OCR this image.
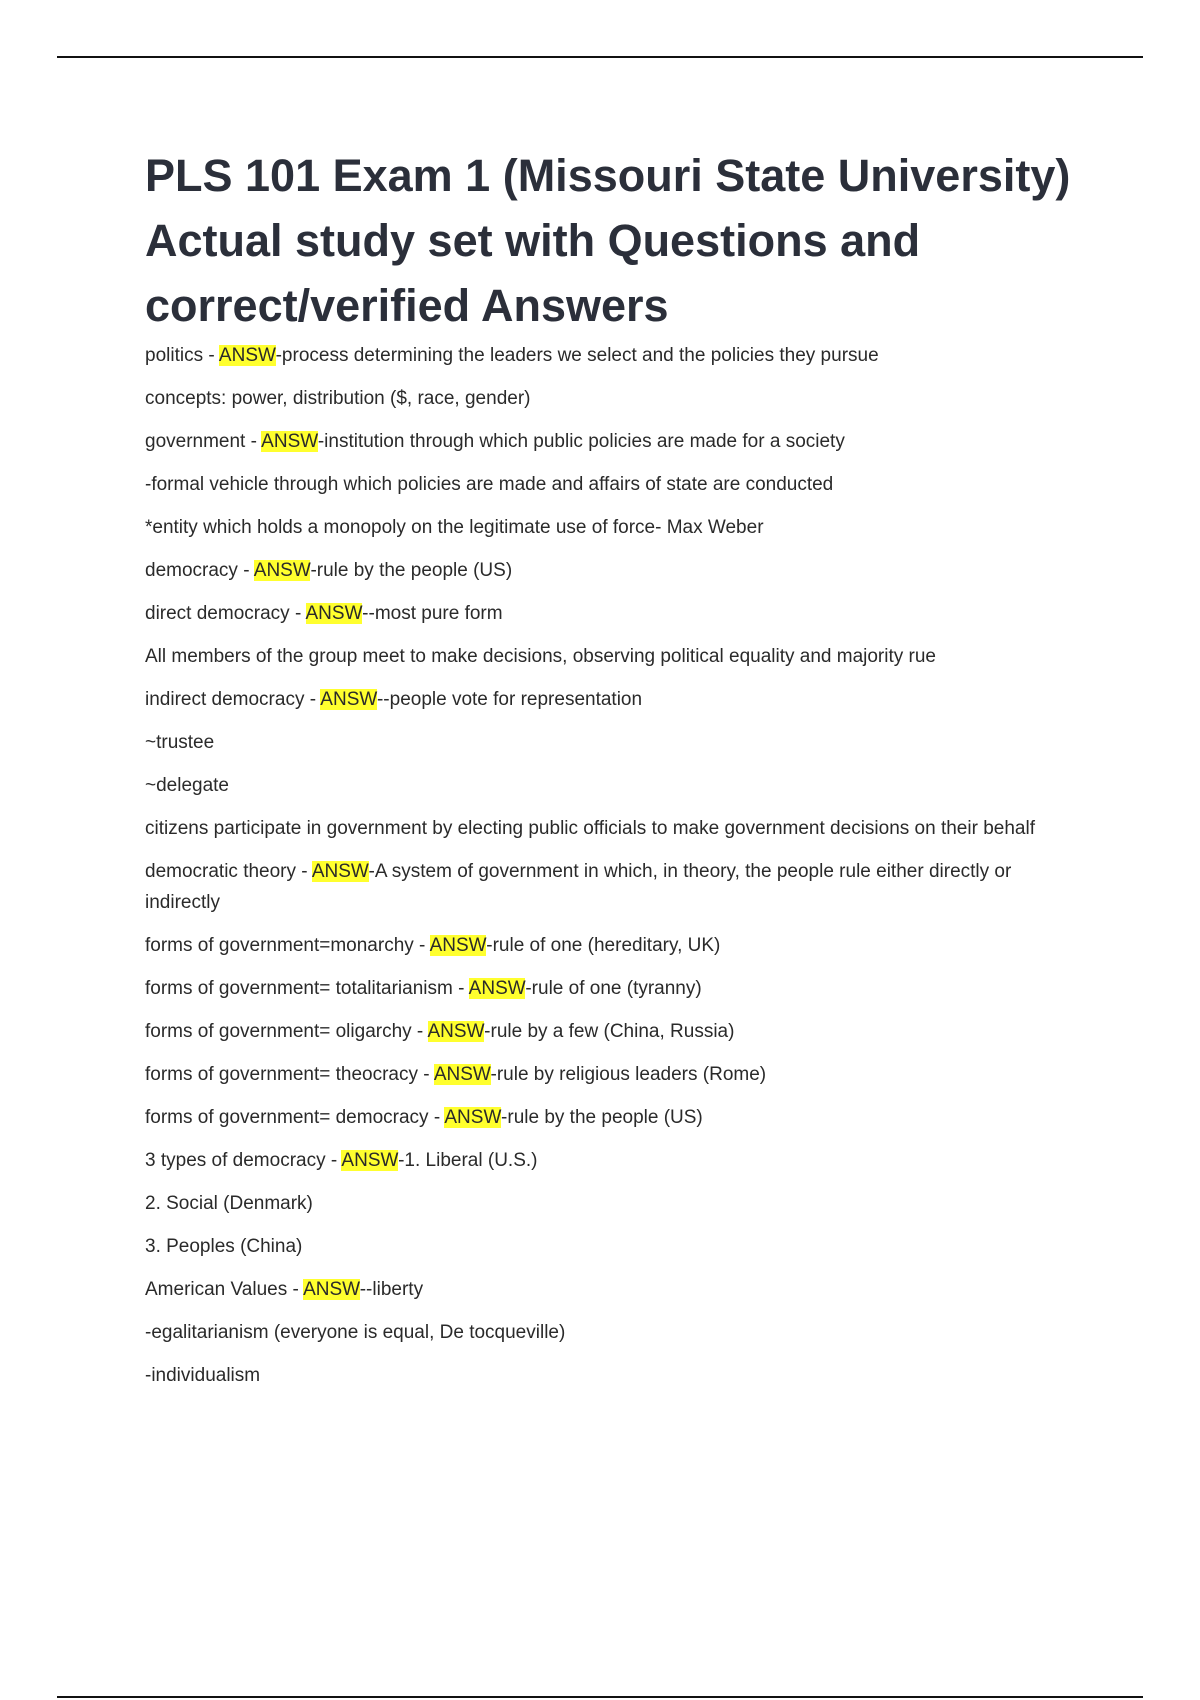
PLS 101 Exam 1 (Missouri State University) Actual study set with Questions and correct/verified Answers

politics - ANSW-process determining the leaders we select and the policies they pursue

concepts: power, distribution ($, race, gender)

government - ANSW-institution through which public policies are made for a society

-formal vehicle through which policies are made and affairs of state are conducted

*entity which holds a monopoly on the legitimate use of force- Max Weber

democracy - ANSW-rule by the people (US)

direct democracy - ANSW--most pure form

All members of the group meet to make decisions, observing political equality and majority rue

indirect democracy - ANSW--people vote for representation

~trustee

~delegate

citizens participate in government by electing public officials to make government decisions on their behalf

democratic theory - ANSW-A system of government in which, in theory, the people rule either directly or indirectly

forms of government=monarchy - ANSW-rule of one (hereditary, UK)

forms of government= totalitarianism - ANSW-rule of one (tyranny)

forms of government= oligarchy - ANSW-rule by a few (China, Russia)

forms of government= theocracy - ANSW-rule by religious leaders (Rome)

forms of government= democracy - ANSW-rule by the people (US)

3 types of democracy - ANSW-1. Liberal (U.S.)

2. Social (Denmark)

3. Peoples (China)

American Values - ANSW--liberty

-egalitarianism (everyone is equal, De tocqueville)

-individualism
